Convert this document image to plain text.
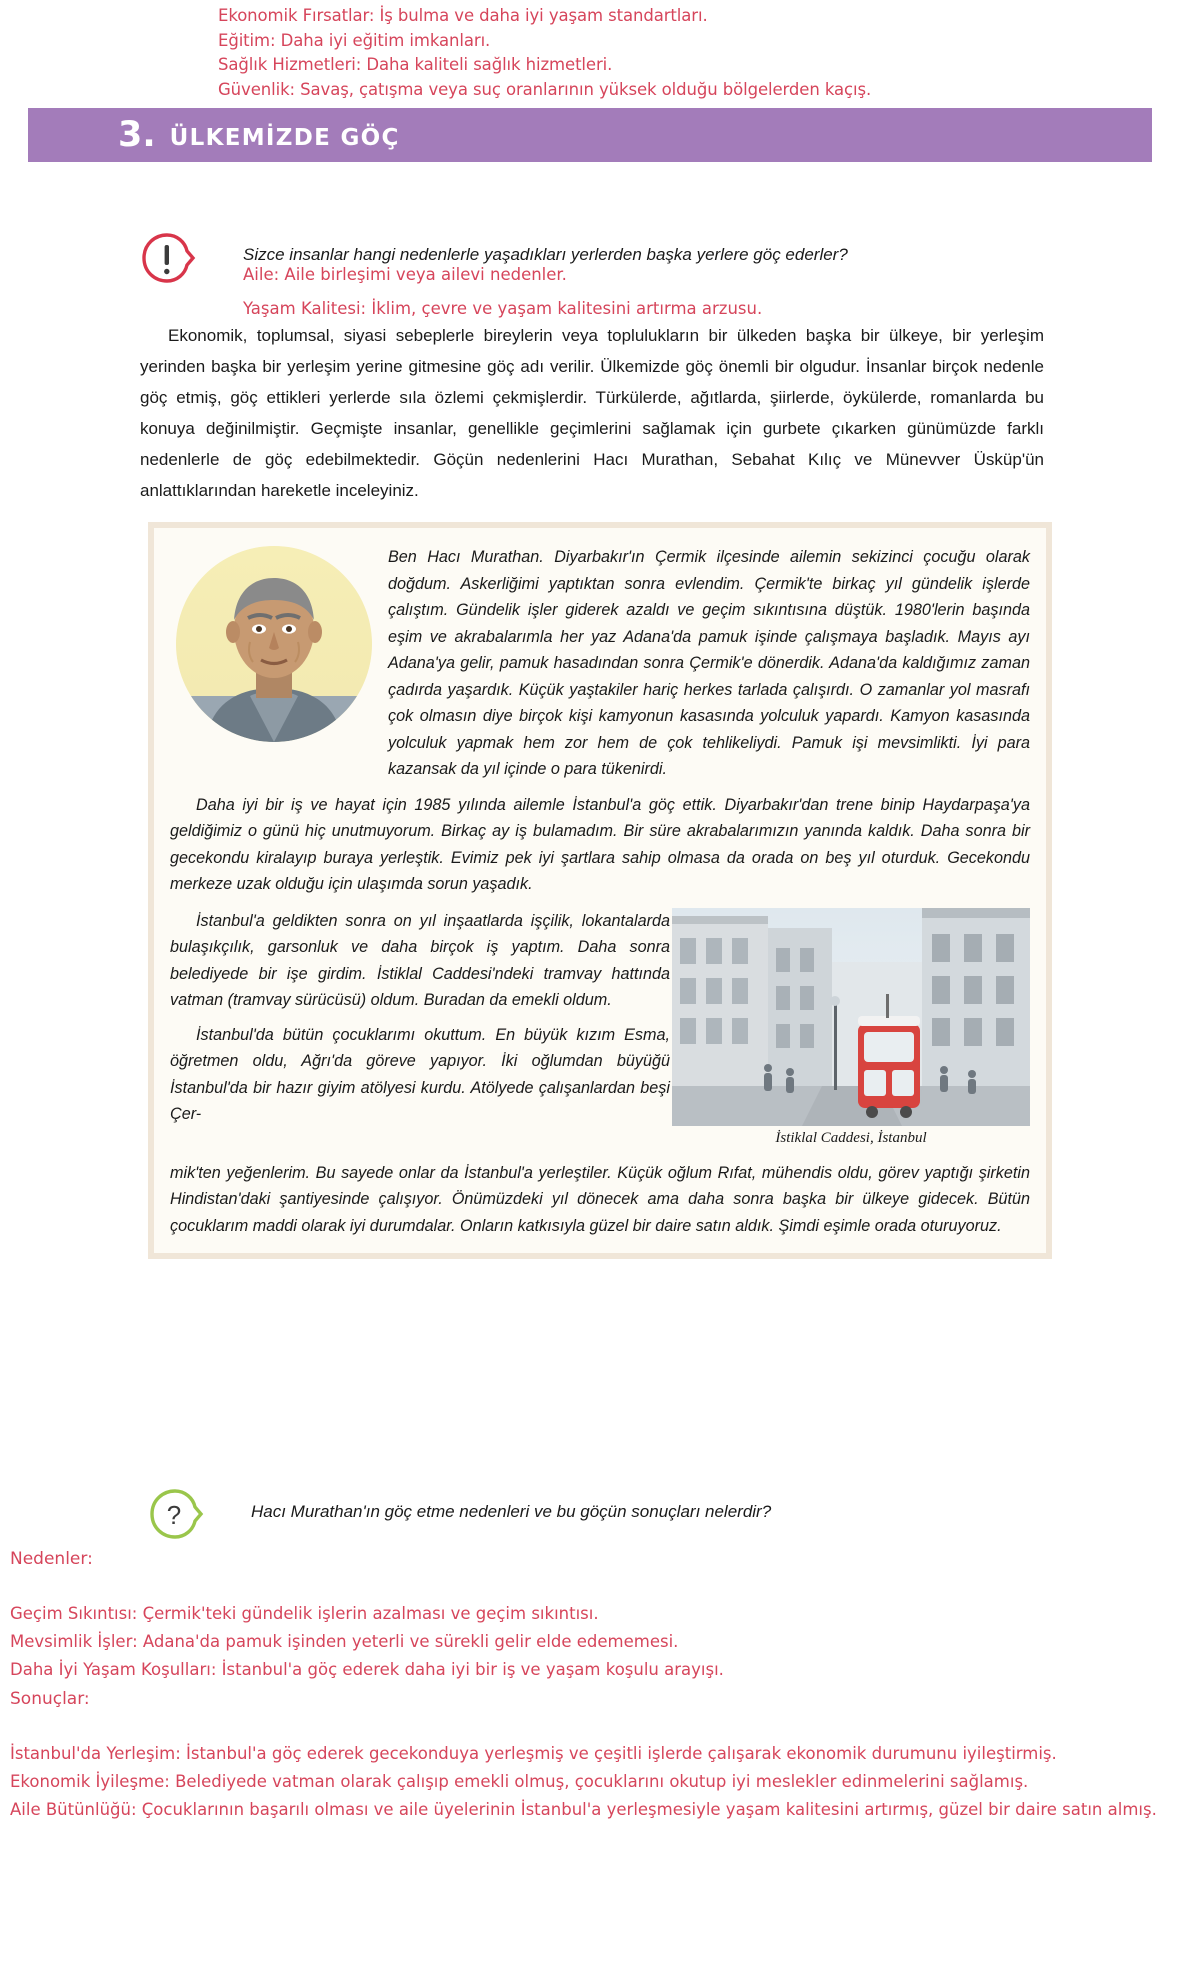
Ekonomik Fırsatlar: İş bulma ve daha iyi yaşam standartları.
Eğitim: Daha iyi eğitim imkanları.
Sağlık Hizmetleri: Daha kaliteli sağlık hizmetleri.
Güvenlik: Savaş, çatışma veya suç oranlarının yüksek olduğu bölgelerden kaçış.
3. ÜLKEMİZDE GÖÇ
Sizce insanlar hangi nedenlerle yaşadıkları yerlerden başka yerlere göç ederler?
Aile: Aile birleşimi veya ailevi nedenler.
Yaşam Kalitesi: İklim, çevre ve yaşam kalitesini artırma arzusu.
Ekonomik, toplumsal, siyasi sebeplerle bireylerin veya toplulukların bir ülkeden başka bir ülkeye, bir yerleşim yerinden başka bir yerleşim yerine gitmesine göç adı verilir. Ülkemizde göç önemli bir olgudur. İnsanlar birçok nedenle göç etmiş, göç ettikleri yerlerde sıla özlemi çekmişlerdir. Türkülerde, ağıtlarda, şiirlerde, öykülerde, romanlarda bu konuya değinilmiştir. Geçmişte insanlar, genellikle geçimlerini sağlamak için gurbete çıkarken günümüzde farklı nedenlerle de göç edebilmektedir. Göçün nedenlerini Hacı Murathan, Sebahat Kılıç ve Münevver Üsküp'ün anlattıklarından hareketle inceleyiniz.
Ben Hacı Murathan. Diyarbakır'ın Çermik ilçesinde ailemin sekizinci çocuğu olarak doğdum. Askerliğimi yaptıktan sonra evlendim. Çermik'te birkaç yıl gündelik işlerde çalıştım. Gündelik işler giderek azaldı ve geçim sıkıntısına düştük. 1980'lerin başında eşim ve akrabalarımla her yaz Adana'da pamuk işinde çalışmaya başladık. Mayıs ayı Adana'ya gelir, pamuk hasadından sonra Çermik'e dönerdik. Adana'da kaldığımız zaman çadırda yaşardık. Küçük yaştakiler hariç herkes tarlada çalışırdı. O zamanlar yol masrafı çok olmasın diye birçok kişi kamyonun kasasında yolculuk yapardı. Kamyon kasasında yolculuk yapmak hem zor hem de çok tehlikeliydi. Pamuk işi mevsimlikti. İyi para kazansak da yıl içinde o para tükenirdi.
Daha iyi bir iş ve hayat için 1985 yılında ailemle İstanbul'a göç ettik. Diyarbakır'dan trene binip Haydarpaşa'ya geldiğimiz o günü hiç unutmuyorum. Birkaç ay iş bulamadım. Bir süre akrabalarımızın yanında kaldık. Daha sonra bir gecekondu kiralayıp buraya yerleştik. Evimiz pek iyi şartlara sahip olmasa da orada on beş yıl oturduk. Gecekondu merkeze uzak olduğu için ulaşımda sorun yaşadık.
İstiklal Caddesi, İstanbul

İstanbul'a geldikten sonra on yıl inşaatlarda işçilik, lokantalarda bulaşıkçılık, garsonluk ve daha birçok iş yaptım. Daha sonra belediyede bir işe girdim. İstiklal Caddesi'ndeki tramvay hattında vatman (tramvay sürücüsü) oldum. Buradan da emekli oldum.

İstanbul'da bütün çocuklarımı okuttum. En büyük kızım Esma, öğretmen oldu, Ağrı'da göreve yapıyor. İki oğlumdan büyüğü İstanbul'da bir hazır giyim atölyesi kurdu. Atölyede çalışanlardan beşi Çer-

mik'ten yeğenlerim. Bu sayede onlar da İstanbul'a yerleştiler. Küçük oğlum Rıfat, mühendis oldu, görev yaptığı şirketin Hindistan'daki şantiyesinde çalışıyor. Önümüzdeki yıl dönecek ama daha sonra başka bir ülkeye gidecek. Bütün çocuklarım maddi olarak iyi durumdalar. Onların katkısıyla güzel bir daire satın aldık. Şimdi eşimle orada oturuyoruz.
?	Hacı Murathan'ın göç etme nedenleri ve bu göçün sonuçları nelerdir?
Nedenler:
Geçim Sıkıntısı: Çermik'teki gündelik işlerin azalması ve geçim sıkıntısı.
Mevsimlik İşler: Adana'da pamuk işinden yeterli ve sürekli gelir elde edememesi.
Daha İyi Yaşam Koşulları: İstanbul'a göç ederek daha iyi bir iş ve yaşam koşulu arayışı.
Sonuçlar:
İstanbul'da Yerleşim: İstanbul'a göç ederek gecekonduya yerleşmiş ve çeşitli işlerde çalışarak ekonomik durumunu iyileştirmiş.
Ekonomik İyileşme: Belediyede vatman olarak çalışıp emekli olmuş, çocuklarını okutup iyi meslekler edinmelerini sağlamış.
Aile Bütünlüğü: Çocuklarının başarılı olması ve aile üyelerinin İstanbul'a yerleşmesiyle yaşam kalitesini artırmış, güzel bir daire satın almış.
